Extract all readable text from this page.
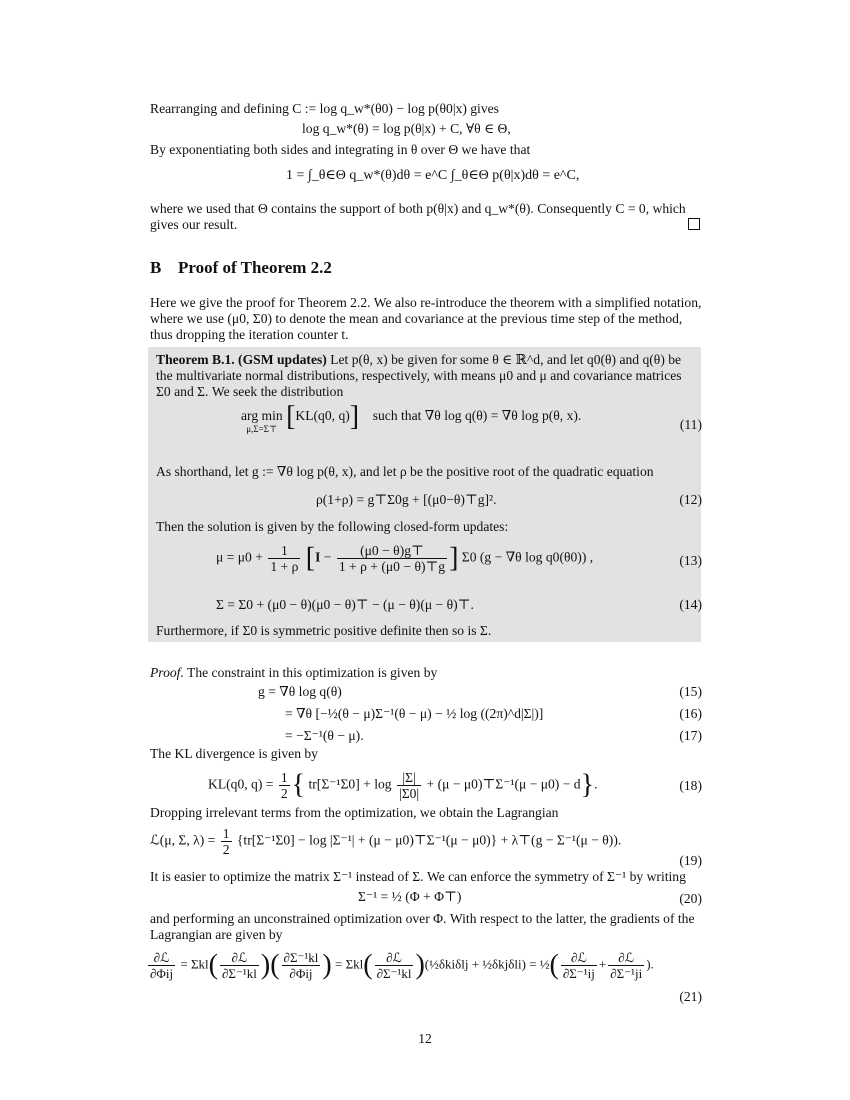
Rearranging and defining C := log q_w*(θ0) − log p(θ0|x) gives
log q_w*(θ) = log p(θ|x) + C, ∀θ ∈ Θ,
By exponentiating both sides and integrating in θ over Θ we have that
1 = ∫_θ∈Θ q_w*(θ)dθ = e^C ∫_θ∈Θ p(θ|x)dθ = e^C,
where we used that Θ contains the support of both p(θ|x) and q_w*(θ). Consequently C = 0, which
gives our result.
B Proof of Theorem 2.2
Here we give the proof for Theorem 2.2. We also re-introduce the theorem with a simplified notation,
where we use (μ0, Σ0) to denote the mean and covariance at the previous time step of the method,
thus dropping the iteration counter t.
Theorem B.1. (GSM updates) Let p(θ, x) be given for some θ ∈ ℝ^d, and let q0(θ) and q(θ) be
the multivariate normal distributions, respectively, with means μ0 and μ and covariance matrices
Σ0 and Σ. We seek the distribution
arg min
μ,Σ=Σ⊤ [KL(q0, q)] such that ∇θ log q(θ) = ∇θ log p(θ, x).
(11)
As shorthand, let g := ∇θ log p(θ, x), and let ρ be the positive root of the quadratic equation
ρ(1+ρ) = g⊤Σ0g + [(μ0−θ)⊤g]².	(12)
Then the solution is given by the following closed-form updates:
$\mu = \mu 0 + \frac{1}{1 + \rho} [I - \frac{(\mu 0 - \theta)g⊤}{1 + \rho + (\mu 0 - \theta)⊤g}$ ] Σ0 (g − ∇θ log q0(θ0)) ,	(13)
Σ = Σ0 + (μ0 − θ)(μ0 − θ)⊤ − (μ − θ)(μ − θ)⊤.	(14)
Furthermore, if Σ0 is symmetric positive definite then so is Σ.
Proof. The constraint in this optimization is given by
g = ∇θ log q(θ)	(15)
= ∇θ [−½(θ − μ)Σ⁻¹(θ − μ) − ½ log ((2π)^d|Σ|)]	(16)
= −Σ⁻¹(θ − μ).	(17)
The KL divergence is given by
KL(q0, $q) = \frac{1}{2}$ { $tr[\Sigma^{-1}\Sigma 0] + \log \frac{|\Sigma|}{|\Sigma 0|} + (\mu$ − μ0)⊤Σ⁻¹(μ − μ0) − d}.	(18)
Dropping irrelevant terms from the optimization, we obtain the Lagrangian
ℒ(μ, Σ, $\lambda) = \frac{1}{2} \{tr[\Sigma^{-1}\Sigma 0] - \log |\Sigma^{-1}| + (\mu$ − μ0)⊤Σ⁻¹(μ − μ0)} + λ⊤(g − Σ⁻¹(μ − θ)).
(19)
It is easier to optimize the matrix Σ⁻¹ instead of Σ. We can enforce the symmetry of Σ⁻¹ by writing
Σ⁻¹ = ½ (Φ + Φ⊤)	(20)
and performing an unconstrained optimization over Φ. With respect to the latter, the gradients of the
Lagrangian are given by
$\frac{\text{∂ℒ}}{\text{∂Φij}} = \Sigma kl( \frac{\text{∂ℒ}}{\text{∂Σ⁻¹kl}}$ )( $\frac{\text{∂Σ⁻¹kl}}{\text{∂Φij}}$ ) = $\Sigma kl( \frac{\text{∂ℒ}}{\text{∂Σ⁻¹kl}}$ )(½δkiδlj + ½δkjδli) = ½( $\frac{\text{∂ℒ}}{\text{∂Σ⁻¹ij}} + \frac{\text{∂ℒ}}{\text{∂Σ⁻¹ji}}$ ).
(21)
12
